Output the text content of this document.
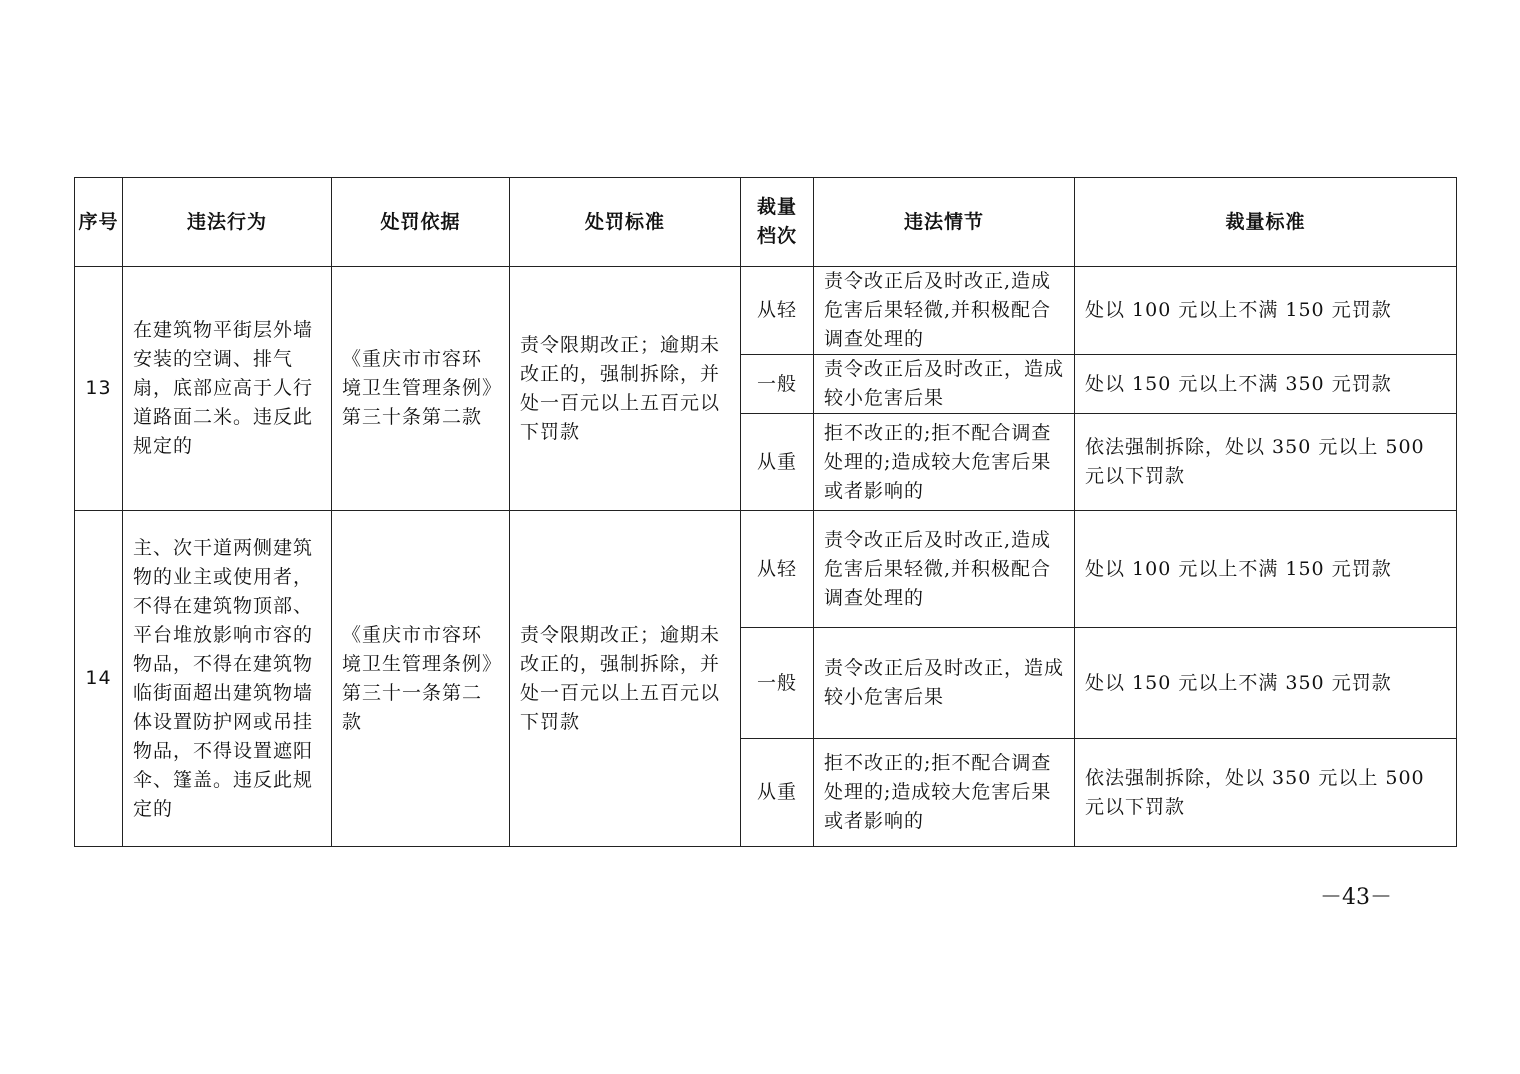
序号	违法行为	处罚依据	处罚标准	裁量档次	违法情节	裁量标准
13	在建筑物平街层外墙安装的空调、排气扇，底部应高于人行道路面二米。违反此规定的	《重庆市市容环境卫生管理条例》第三十条第二款	责令限期改正；逾期未改正的，强制拆除，并处一百元以上五百元以下罚款	从轻	责令改正后及时改正,造成危害后果轻微,并积极配合调查处理的	处以 100 元以上不满 150 元罚款
				一般	责令改正后及时改正，造成较小危害后果	处以 150 元以上不满 350 元罚款
				从重	拒不改正的;拒不配合调查处理的;造成较大危害后果或者影响的	依法强制拆除，处以 350 元以上 500 元以下罚款
14	主、次干道两侧建筑物的业主或使用者，不得在建筑物顶部、平台堆放影响市容的物品，不得在建筑物临街面超出建筑物墙体设置防护网或吊挂物品，不得设置遮阳伞、篷盖。违反此规定的	《重庆市市容环境卫生管理条例》第三十一条第二款	责令限期改正；逾期未改正的，强制拆除，并处一百元以上五百元以下罚款	从轻	责令改正后及时改正,造成危害后果轻微,并积极配合调查处理的	处以 100 元以上不满 150 元罚款
				一般	责令改正后及时改正，造成较小危害后果	处以 150 元以上不满 350 元罚款
				从重	拒不改正的;拒不配合调查处理的;造成较大危害后果或者影响的	依法强制拆除，处以 350 元以上 500 元以下罚款
－43－
